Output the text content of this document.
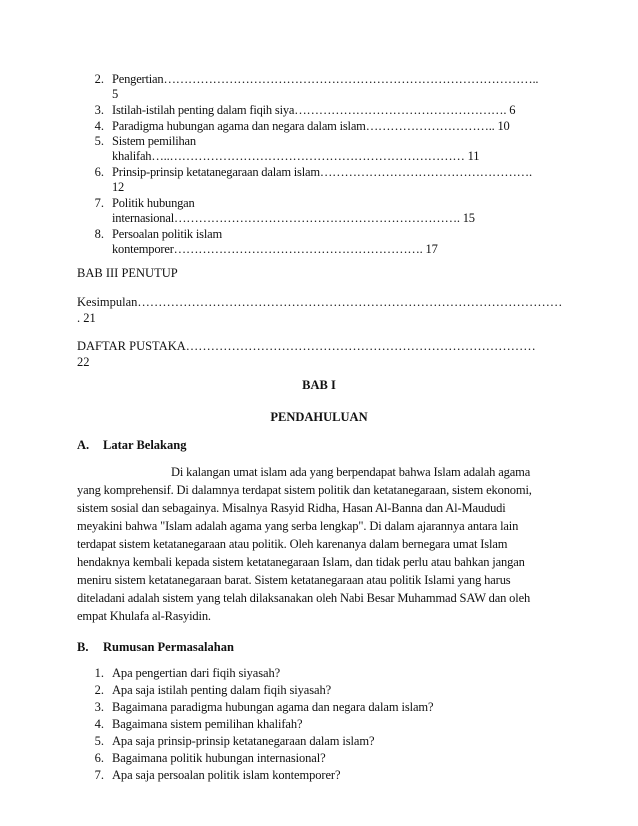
2. Pengertian………………………………………………………………………………..
5
3. Istilah-istilah penting dalam fiqih siya……………………………………………. 6
4. Paradigma hubungan agama dan negara dalam islam………………………….. 10
5. Sistem pemilihan
khalifah…..……………………………………………………………… 11
6. Prinsip-prinsip ketatanegaraan dalam islam…………………………………………….
12
7. Politik hubungan
internasional……………………………………………………………. 15
8. Persoalan politik islam
kontemporer……………………………………………………. 17
BAB III PENUTUP
Kesimpulan…………………………………………………………………………………………
. 21
DAFTAR PUSTAKA…………………………………………………………………………
22
BAB I
PENDAHULUAN
A. Latar Belakang
Di kalangan umat islam ada yang berpendapat bahwa Islam adalah agama
yang komprehensif. Di dalamnya terdapat sistem politik dan ketatanegaraan, sistem ekonomi,
sistem sosial dan sebagainya. Misalnya Rasyid Ridha, Hasan Al-Banna dan Al-Maududi
meyakini bahwa "Islam adalah agama yang serba lengkap". Di dalam ajarannya antara lain
terdapat sistem ketatanegaraan atau politik. Oleh karenanya dalam bernegara umat Islam
hendaknya kembali kepada sistem ketatanegaraan Islam, dan tidak perlu atau bahkan jangan
meniru sistem ketatanegaraan barat. Sistem ketatanegaraan atau politik Islami yang harus
diteladani adalah sistem yang telah dilaksanakan oleh Nabi Besar Muhammad SAW dan oleh
empat Khulafa al-Rasyidin.
B. Rumusan Permasalahan
1. Apa pengertian dari fiqih siyasah?
2. Apa saja istilah penting dalam fiqih siyasah?
3. Bagaimana paradigma hubungan agama dan negara dalam islam?
4. Bagaimana sistem pemilihan khalifah?
5. Apa saja prinsip-prinsip ketatanegaraan dalam islam?
6. Bagaimana politik hubungan internasional?
7. Apa saja persoalan politik islam kontemporer?
